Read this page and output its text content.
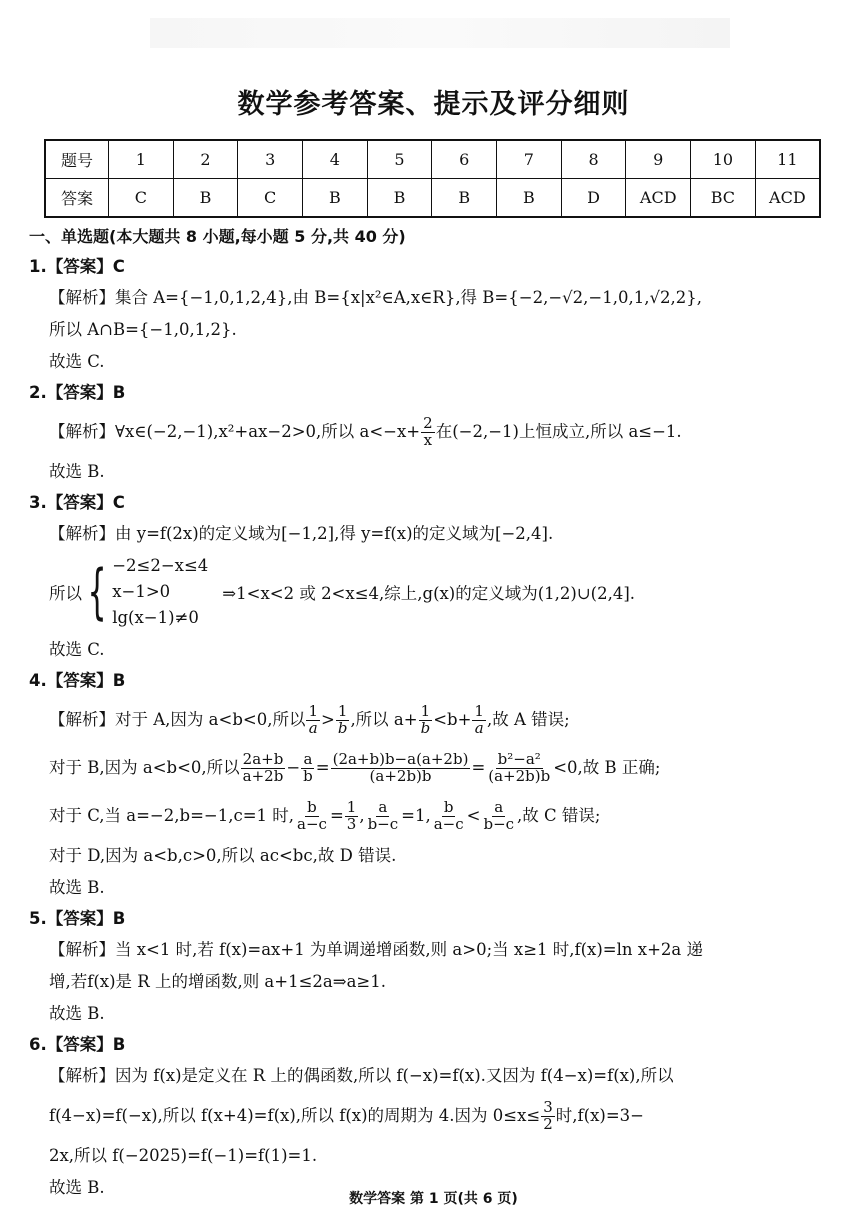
数学参考答案、提示及评分细则
题号	1	2	3	4	5	6	7	8	9	10	11
答案	C	B	C	B	B	B	B	D	ACD	BC	ACD
一、单选题(本大题共 8 小题,每小题 5 分,共 40 分)
1.【答案】C
【解析】集合 A={−1,0,1,2,4},由 B={x|x²∈A,x∈R},得 B={−2,−√2,−1,0,1,√2,2},
所以 A∩B={−1,0,1,2}.
故选 C.
2.【答案】B
【解析】∀x∈(−2,−1),x²+ax−2>0,所以 $a<-x+ \frac{2}{x}$ 在(−2,−1)上恒成立,所以 a≤−1.
故选 B.
3.【答案】C
【解析】由 y=f(2x)的定义域为[−1,2],得 y=f(x)的定义域为[−2,4].
所以 { −2≤2−x≤4
x−1>0
lg(x−1)≠0
⇒1<x<2 或 2<x≤4,综上,g(x)的定义域为(1,2)∪(2,4].
故选 C.
4.【答案】B
【解析】对于 A,因为 a<b<0,所以 $\frac{1}{a} > \frac{1}{b}$ ,所以 $a+ \frac{1}{b} <b+ \frac{1}{a}$ ,故 A 错误;
对于 B,因为 a<b<0,所以 $\frac{2a+b}{a+2b} - \frac{a}{b} = \frac{(2a+b)b-a(a+2b)}{(a+2b)b} = \frac{\text{b²−a²}}{(a+2b)b} <0$,故 B 正确;
对于 C,当 a=−2,b=−1,c=1 时, $\frac{b}{a-c} = \frac{1}{3}$ , $\frac{a}{b-c} =1$, $\frac{b}{a-c} < \frac{a}{b-c}$ ,故 C 错误;
对于 D,因为 a<b,c>0,所以 ac<bc,故 D 错误.
故选 B.
5.【答案】B
【解析】当 x<1 时,若 f(x)=ax+1 为单调递增函数,则 a>0;当 x≥1 时,f(x)=ln x+2a 递
增,若f(x)是 R 上的增函数,则 a+1≤2a⇒a≥1.
故选 B.
6.【答案】B
【解析】因为 f(x)是定义在 R 上的偶函数,所以 f(−x)=f(x).又因为 f(4−x)=f(x),所以
f(4−x)=f(−x),所以 f(x+4)=f(x),所以 f(x)的周期为 4.因为 $0\le x\le \frac{3}{2}$ 时,f(x)=3−
2x,所以 f(−2025)=f(−1)=f(1)=1.
故选 B.
数学答案 第 1 页(共 6 页)
